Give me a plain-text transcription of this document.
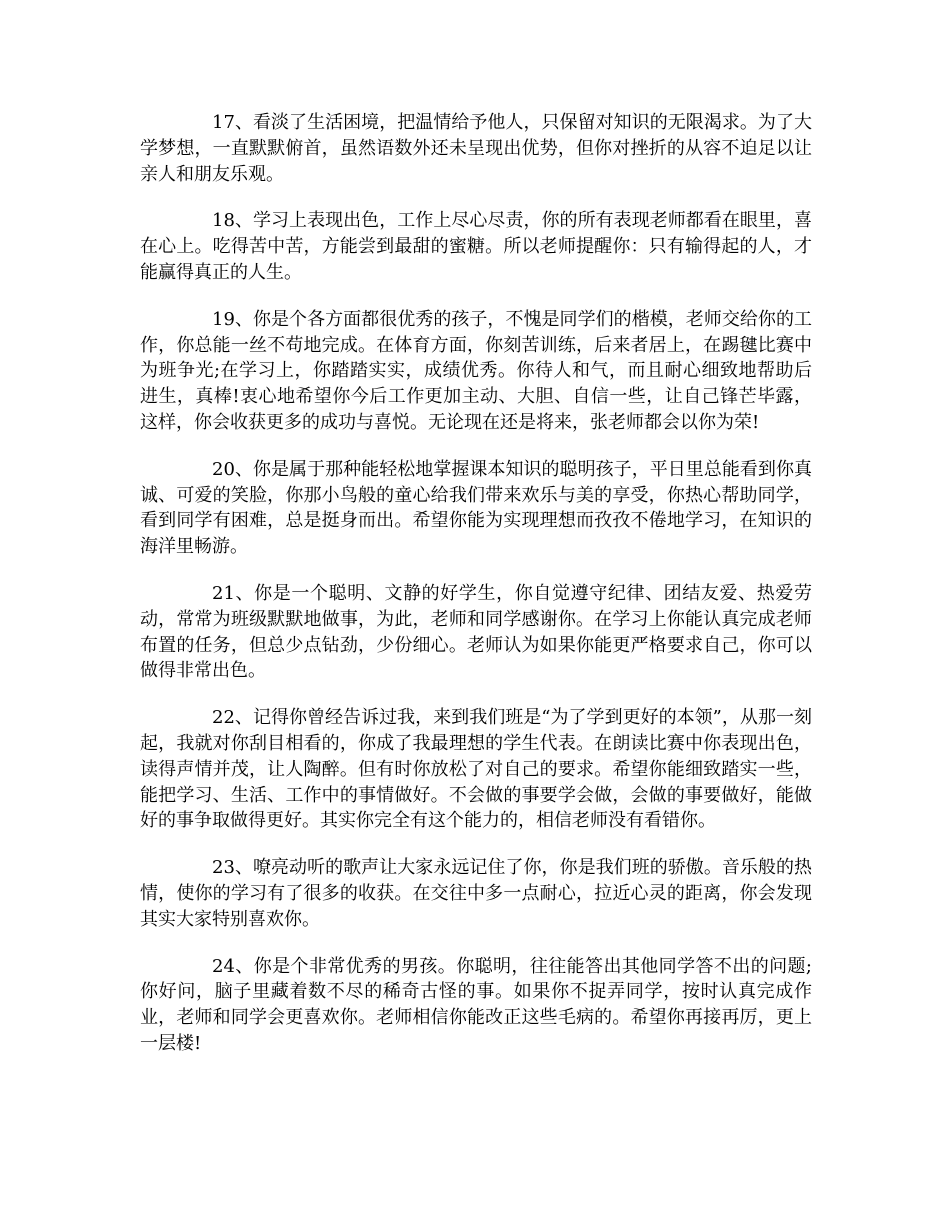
17、看淡了生活困境，把温情给予他人，只保留对知识的无限渴求。为了大学梦想，一直默默俯首，虽然语数外还未呈现出优势，但你对挫折的从容不迫足以让亲人和朋友乐观。

18、学习上表现出色，工作上尽心尽责，你的所有表现老师都看在眼里，喜在心上。吃得苦中苦，方能尝到最甜的蜜糖。所以老师提醒你：只有输得起的人，才能赢得真正的人生。

19、你是个各方面都很优秀的孩子，不愧是同学们的楷模，老师交给你的工作，你总能一丝不苟地完成。在体育方面，你刻苦训练，后来者居上，在踢毽比赛中为班争光;在学习上，你踏踏实实，成绩优秀。你待人和气，而且耐心细致地帮助后进生，真棒!衷心地希望你今后工作更加主动、大胆、自信一些，让自己锋芒毕露，这样，你会收获更多的成功与喜悦。无论现在还是将来，张老师都会以你为荣!

20、你是属于那种能轻松地掌握课本知识的聪明孩子，平日里总能看到你真诚、可爱的笑脸，你那小鸟般的童心给我们带来欢乐与美的享受，你热心帮助同学，看到同学有困难，总是挺身而出。希望你能为实现理想而孜孜不倦地学习，在知识的海洋里畅游。

21、你是一个聪明、文静的好学生，你自觉遵守纪律、团结友爱、热爱劳动，常常为班级默默地做事，为此，老师和同学感谢你。在学习上你能认真完成老师布置的任务，但总少点钻劲，少份细心。老师认为如果你能更严格要求自己，你可以做得非常出色。

22、记得你曾经告诉过我，来到我们班是“为了学到更好的本领”，从那一刻起，我就对你刮目相看的，你成了我最理想的学生代表。在朗读比赛中你表现出色，读得声情并茂，让人陶醉。但有时你放松了对自己的要求。希望你能细致踏实一些，能把学习、生活、工作中的事情做好。不会做的事要学会做，会做的事要做好，能做好的事争取做得更好。其实你完全有这个能力的，相信老师没有看错你。

23、嘹亮动听的歌声让大家永远记住了你，你是我们班的骄傲。音乐般的热情，使你的学习有了很多的收获。在交往中多一点耐心，拉近心灵的距离，你会发现其实大家特别喜欢你。

24、你是个非常优秀的男孩。你聪明，往往能答出其他同学答不出的问题;你好问，脑子里藏着数不尽的稀奇古怪的事。如果你不捉弄同学，按时认真完成作业，老师和同学会更喜欢你。老师相信你能改正这些毛病的。希望你再接再厉，更上一层楼!
